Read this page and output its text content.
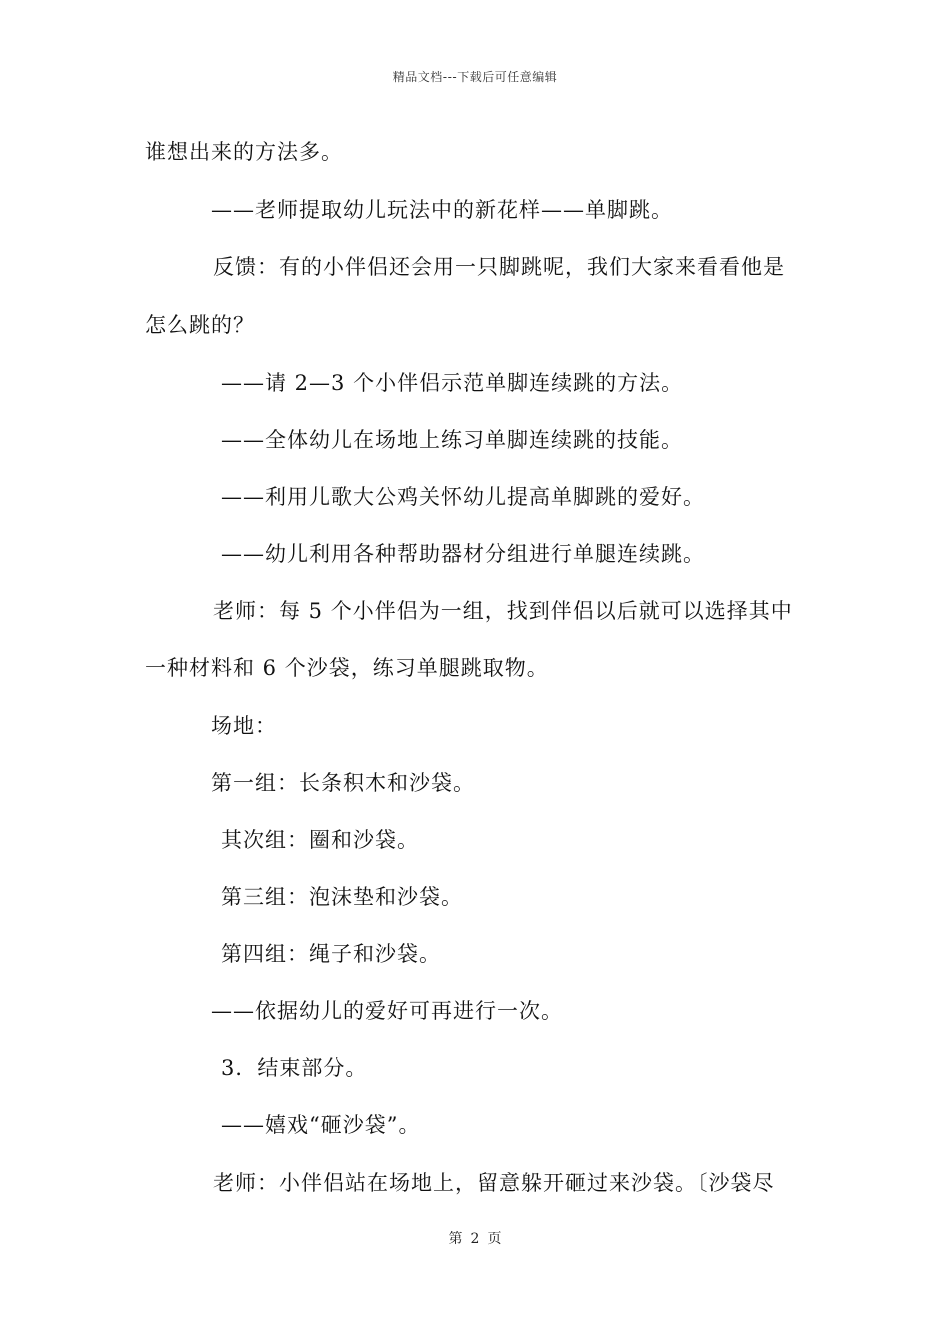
精品文档---下载后可任意编辑
谁想出来的方法多。
——老师提取幼儿玩法中的新花样——单脚跳。
反馈：有的小伴侣还会用一只脚跳呢，我们大家来看看他是
怎么跳的？
——请 2—3 个小伴侣示范单脚连续跳的方法。
——全体幼儿在场地上练习单脚连续跳的技能。
——利用儿歌大公鸡关怀幼儿提高单脚跳的爱好。
——幼儿利用各种帮助器材分组进行单腿连续跳。
老师：每 5 个小伴侣为一组，找到伴侣以后就可以选择其中
一种材料和 6 个沙袋，练习单腿跳取物。
场地：
第一组：长条积木和沙袋。
其次组：圈和沙袋。
第三组：泡沫垫和沙袋。
第四组：绳子和沙袋。
——依据幼儿的爱好可再进行一次。
3．结束部分。
——嬉戏“砸沙袋”。
老师：小伴侣站在场地上，留意躲开砸过来沙袋。〔沙袋尽
第 2 页
